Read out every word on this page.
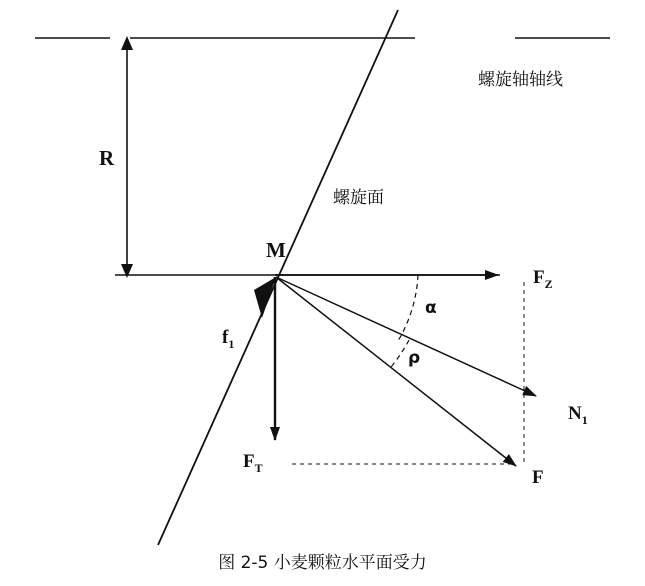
螺旋轴轴线
螺旋面
R
M
$F_Z$
$F_T$
$f_1$
$N_1$
F
α
ρ
图 2-5 小麦颗粒水平面受力
